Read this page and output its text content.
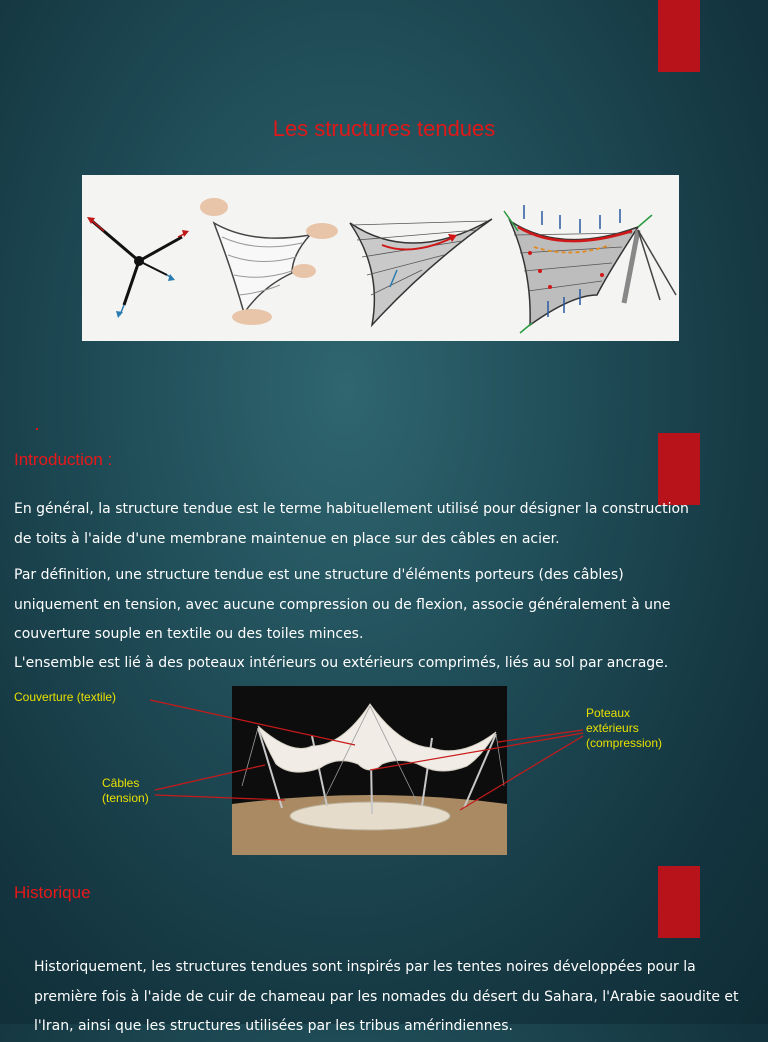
Les structures tendues
Introduction :

En général, la structure tendue est le terme habituellement utilisé pour désigner la construction de toits à l'aide d'une membrane maintenue en place sur des câbles en acier.

Par définition, une structure tendue est une structure d'éléments porteurs (des câbles) uniquement en tension, avec aucune compression ou de flexion, associe généralement à une couverture souple en textile ou des toiles minces.

L'ensemble est lié à des poteaux intérieurs ou extérieurs comprimés, liés au sol par ancrage.

Couverture (textile)
Câbles
(tension)
Poteaux
extérieurs
(compression)
Historique

Historiquement, les structures tendues sont inspirés par les tentes noires développées pour la première fois à l'aide de cuir de chameau par les nomades du désert du Sahara, l'Arabie saoudite et l'Iran, ainsi que les structures utilisées par les tribus amérindiennes.
